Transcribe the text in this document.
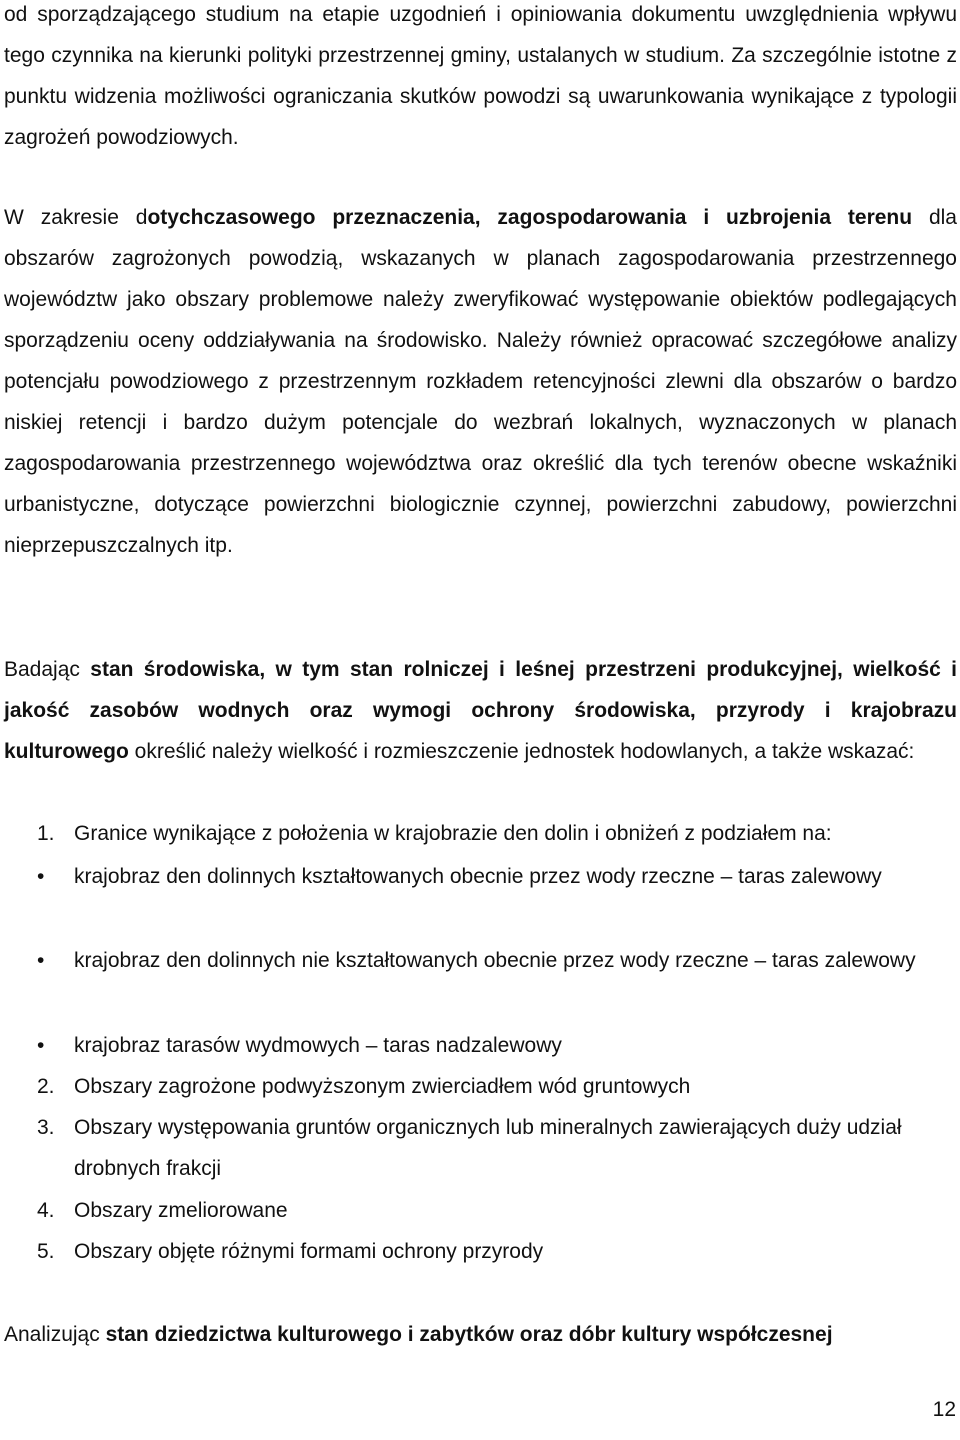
od sporządzającego studium na etapie uzgodnień i opiniowania dokumentu uwzględnienia wpływu tego czynnika na kierunki polityki przestrzennej gminy, ustalanych w studium. Za szczególnie istotne z punktu widzenia możliwości ograniczania skutków powodzi są uwarunkowania wynikające z typologii zagrożeń powodziowych.

W zakresie dotychczasowego przeznaczenia, zagospodarowania i uzbrojenia terenu dla obszarów zagrożonych powodzią, wskazanych w planach zagospodarowania przestrzennego województw jako obszary problemowe należy zweryfikować występowanie obiektów podlegających sporządzeniu oceny oddziaływania na środowisko. Należy również opracować szczegółowe analizy potencjału powodziowego z przestrzennym rozkładem retencyjności zlewni dla obszarów o bardzo niskiej retencji i bardzo dużym potencjale do wezbrań lokalnych, wyznaczonych w planach zagospodarowania przestrzennego województwa oraz określić dla tych terenów obecne wskaźniki urbanistyczne, dotyczące powierzchni biologicznie czynnej, powierzchni zabudowy, powierzchni nieprzepuszczalnych itp.

Badając stan środowiska, w tym stan rolniczej i leśnej przestrzeni produkcyjnej, wielkość i jakość zasobów wodnych oraz wymogi ochrony środowiska, przyrody i krajobrazu kulturowego określić należy wielkość i rozmieszczenie jednostek hodowlanych, a także wskazać:

1. Granice wynikające z położenia w krajobrazie den dolin i obniżeń z podziałem na:
• krajobraz den dolinnych kształtowanych obecnie przez wody rzeczne – taras zalewowy
• krajobraz den dolinnych nie kształtowanych obecnie przez wody rzeczne – taras zalewowy
• krajobraz tarasów wydmowych – taras nadzalewowy
2. Obszary zagrożone podwyższonym zwierciadłem wód gruntowych
3. Obszary występowania gruntów organicznych lub mineralnych zawierających duży udział drobnych frakcji
4. Obszary zmeliorowane
5. Obszary objęte różnymi formami ochrony przyrody

Analizując stan dziedzictwa kulturowego i zabytków oraz dóbr kultury współczesnej

12
